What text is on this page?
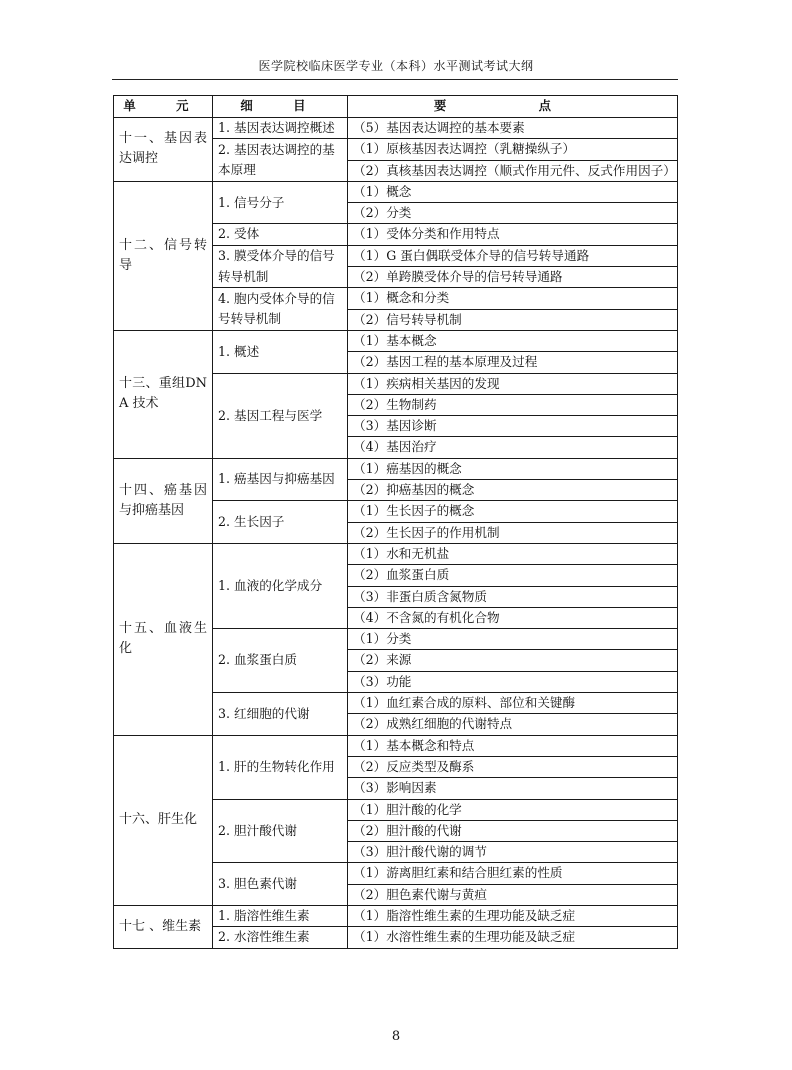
医学院校临床医学专业（本科）水平测试考试大纲
单　元	细　目	要　点
十一、基因表达调控	1. 基因表达调控概述	（5）基因表达调控的基本要素
	2. 基因表达调控的基本原理	（1）原核基因表达调控（乳糖操纵子）
		（2）真核基因表达调控（顺式作用元件、反式作用因子）
十二、信号转导	1. 信号分子	（1）概念
		（2）分类
	2. 受体	（1）受体分类和作用特点
	3. 膜受体介导的信号转导机制	（1）G 蛋白偶联受体介导的信号转导通路
		（2）单跨膜受体介导的信号转导通路
	4. 胞内受体介导的信号转导机制	（1）概念和分类
		（2）信号转导机制
十三、重组DNA 技术	1. 概述	（1）基本概念
		（2）基因工程的基本原理及过程
	2. 基因工程与医学	（1）疾病相关基因的发现
		（2）生物制药
		（3）基因诊断
		（4）基因治疗
十四、癌基因与抑癌基因	1. 癌基因与抑癌基因	（1）癌基因的概念
		（2）抑癌基因的概念
	2. 生长因子	（1）生长因子的概念
		（2）生长因子的作用机制
十五、血液生化	1. 血液的化学成分	（1）水和无机盐
		（2）血浆蛋白质
		（3）非蛋白质含氮物质
		（4）不含氮的有机化合物
	2. 血浆蛋白质	（1）分类
		（2）来源
		（3）功能
	3. 红细胞的代谢	（1）血红素合成的原料、部位和关键酶
		（2）成熟红细胞的代谢特点
十六、肝生化	1. 肝的生物转化作用	（1）基本概念和特点
		（2）反应类型及酶系
		（3）影响因素
	2. 胆汁酸代谢	（1）胆汁酸的化学
		（2）胆汁酸的代谢
		（3）胆汁酸代谢的调节
	3. 胆色素代谢	（1）游离胆红素和结合胆红素的性质
		（2）胆色素代谢与黄疸
十七 、维生素	1. 脂溶性维生素	（1）脂溶性维生素的生理功能及缺乏症
	2. 水溶性维生素	（1）水溶性维生素的生理功能及缺乏症
8
